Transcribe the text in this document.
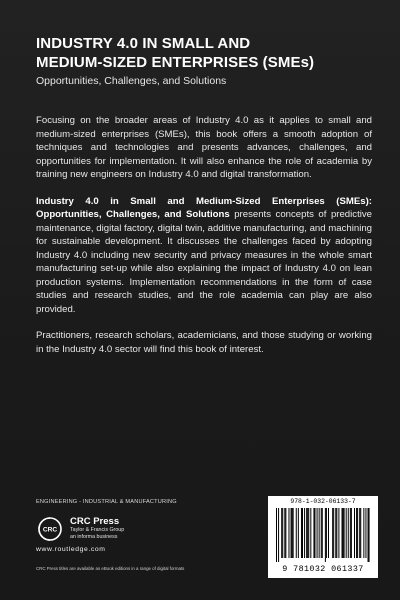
INDUSTRY 4.0 IN SMALL AND
MEDIUM-SIZED ENTERPRISES (SMEs)
Opportunities, Challenges, and Solutions

Focusing on the broader areas of Industry 4.0 as it applies to small and medium-sized enterprises (SMEs), this book offers a smooth adoption of techniques and technologies and presents advances, challenges, and opportunities for implementation. It will also enhance the role of academia by training new engineers on Industry 4.0 and digital transformation.

Industry 4.0 in Small and Medium-Sized Enterprises (SMEs): Opportunities, Challenges, and Solutions presents concepts of predictive maintenance, digital factory, digital twin, additive manufacturing, and machining for sustainable development. It discusses the challenges faced by adopting Industry 4.0 including new security and privacy measures in the whole smart manufacturing set-up while also explaining the impact of Industry 4.0 on lean production systems. Implementation recommendations in the form of case studies and research studies, and the role academia can play are also provided.

Practitioners, research scholars, academicians, and those studying or working in the Industry 4.0 sector will find this book of interest.

ENGINEERING - INDUSTRIAL & MANUFACTURING
CRC
CRC Press
Taylor & Francis Group
an informa business
www.routledge.com
CRC Press titles are available as eBook editions in a range of digital formats
978-1-032-06133-7
9 781032 061337
